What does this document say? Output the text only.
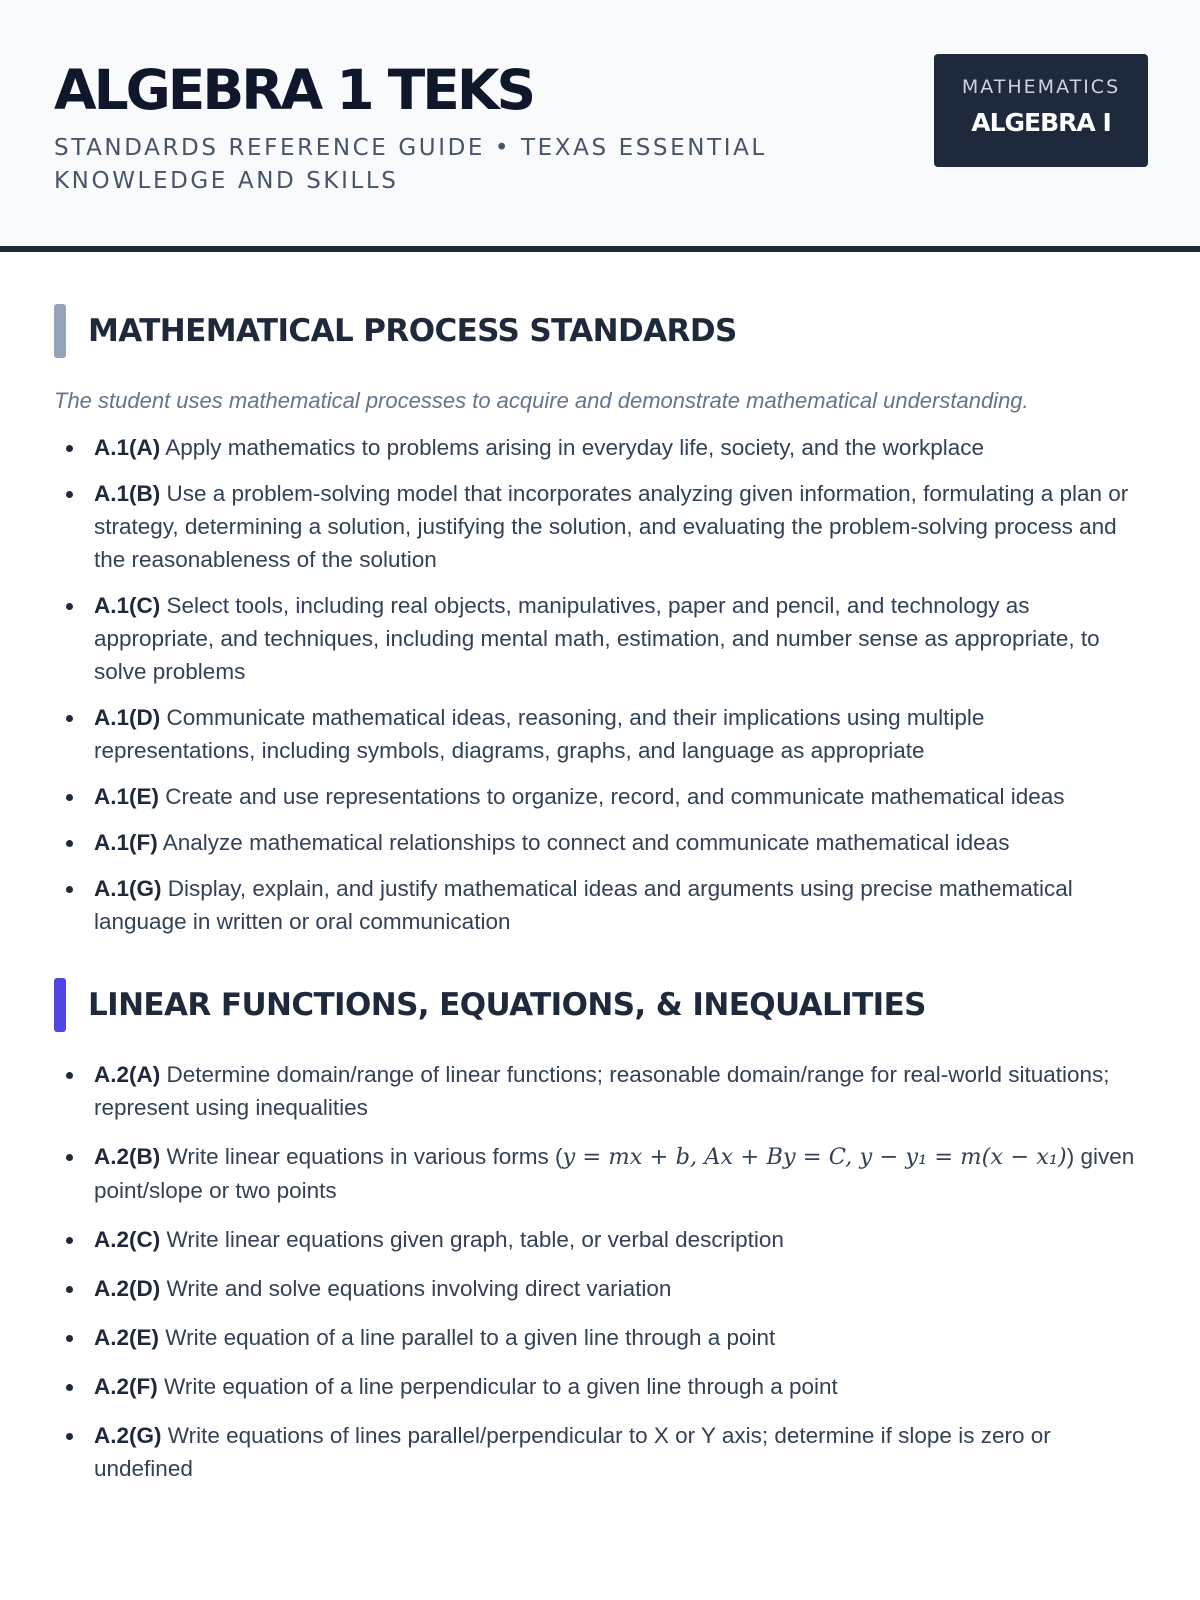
ALGEBRA 1 TEKS
STANDARDS REFERENCE GUIDE • TEXAS ESSENTIAL KNOWLEDGE AND SKILLS
MATHEMATICS
ALGEBRA I
MATHEMATICAL PROCESS STANDARDS

The student uses mathematical processes to acquire and demonstrate mathematical understanding.

A.1(A) Apply mathematics to problems arising in everyday life, society, and the workplace
A.1(B) Use a problem-solving model that incorporates analyzing given information, formulating a plan or strategy, determining a solution, justifying the solution, and evaluating the problem-solving process and the reasonableness of the solution
A.1(C) Select tools, including real objects, manipulatives, paper and pencil, and technology as appropriate, and techniques, including mental math, estimation, and number sense as appropriate, to solve problems
A.1(D) Communicate mathematical ideas, reasoning, and their implications using multiple representations, including symbols, diagrams, graphs, and language as appropriate
A.1(E) Create and use representations to organize, record, and communicate mathematical ideas
A.1(F) Analyze mathematical relationships to connect and communicate mathematical ideas
A.1(G) Display, explain, and justify mathematical ideas and arguments using precise mathematical language in written or oral communication
LINEAR FUNCTIONS, EQUATIONS, & INEQUALITIES
A.2(A) Determine domain/range of linear functions; reasonable domain/range for real-world situations; represent using inequalities
A.2(B) Write linear equations in various forms (y = mx + b, Ax + By = C, y − y₁ = m(x − x₁)) given point/slope or two points
A.2(C) Write linear equations given graph, table, or verbal description
A.2(D) Write and solve equations involving direct variation
A.2(E) Write equation of a line parallel to a given line through a point
A.2(F) Write equation of a line perpendicular to a given line through a point
A.2(G) Write equations of lines parallel/perpendicular to X or Y axis; determine if slope is zero or undefined
